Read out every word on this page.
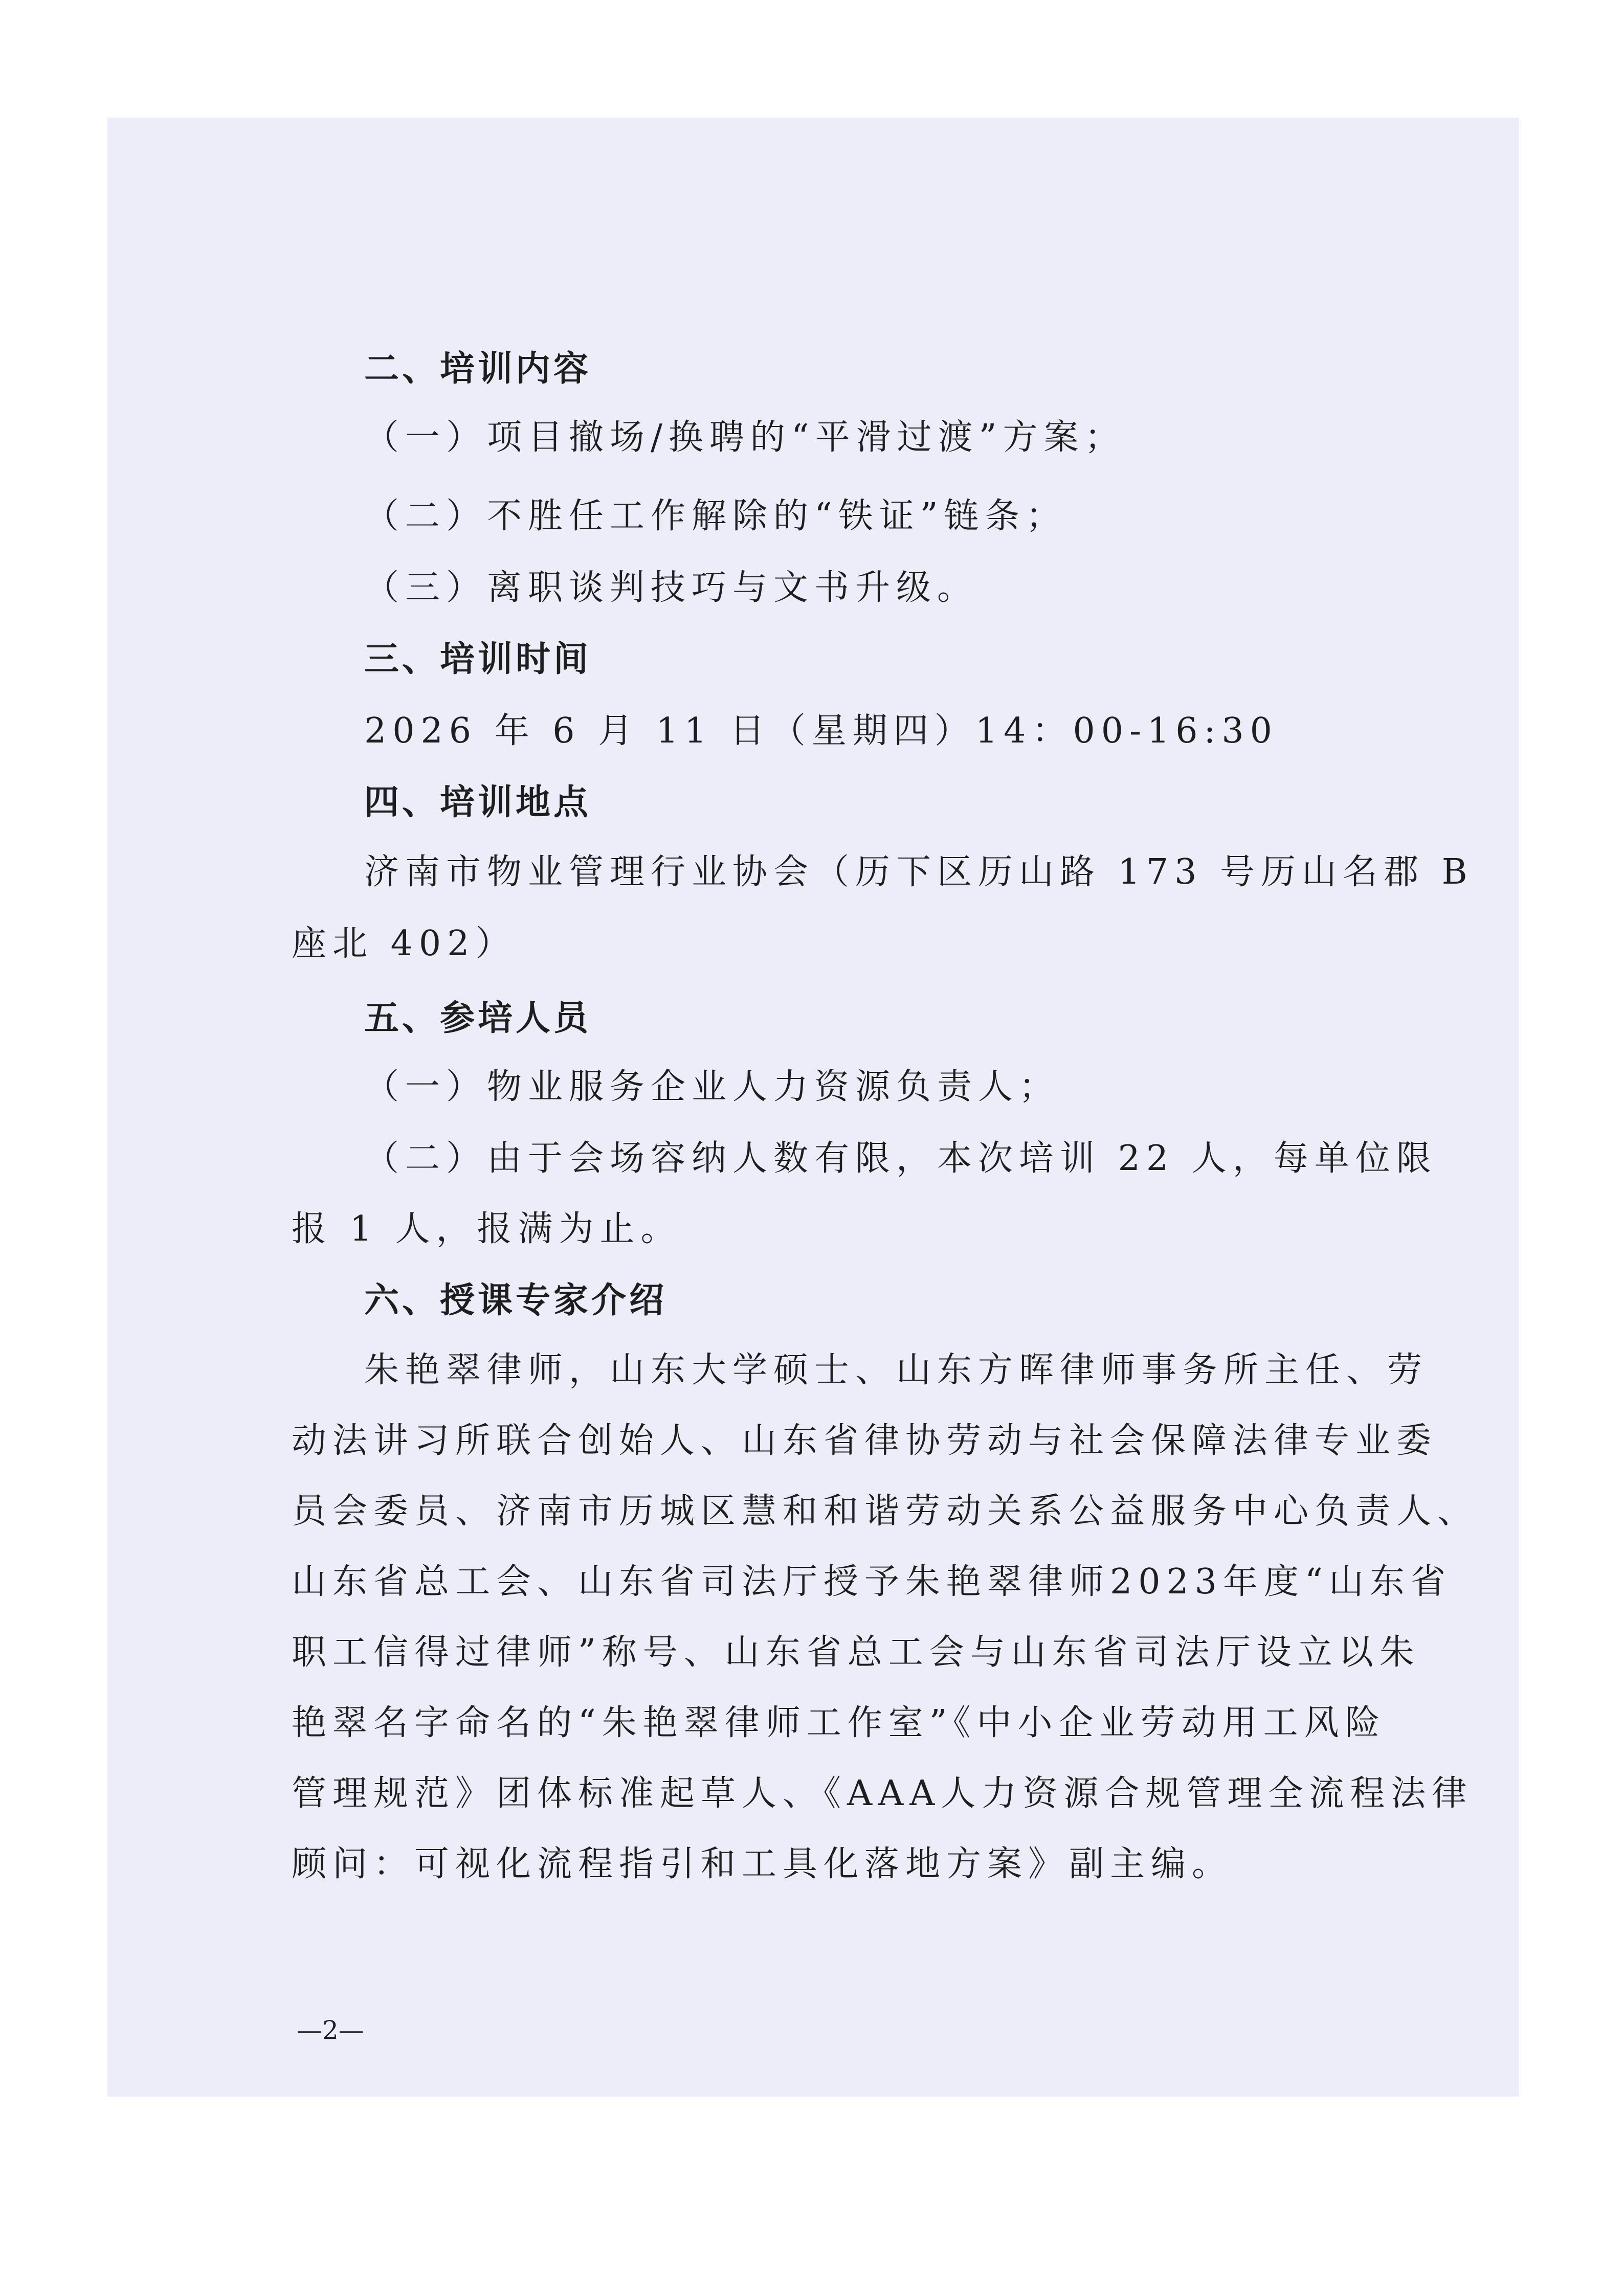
二、培训内容
（一）项目撤场/换聘的“平滑过渡”方案；
（二）不胜任工作解除的“铁证”链条；
（三）离职谈判技巧与文书升级。
三、培训时间
2026 年 6 月 11 日（星期四）14：00-16:30
四、培训地点
济南市物业管理行业协会（历下区历山路 173 号历山名郡 B
座北 402）
五、参培人员
（一）物业服务企业人力资源负责人；
（二）由于会场容纳人数有限，本次培训 22 人，每单位限
报 1 人，报满为止。
六、授课专家介绍
朱艳翠律师，山东大学硕士、山东方晖律师事务所主任、劳
动法讲习所联合创始人、山东省律协劳动与社会保障法律专业委
员会委员、济南市历城区慧和和谐劳动关系公益服务中心负责人、
山东省总工会、山东省司法厅授予朱艳翠律师2023年度“山东省
职工信得过律师”称号、山东省总工会与山东省司法厅设立以朱
艳翠名字命名的“朱艳翠律师工作室”《中小企业劳动用工风险
管理规范》团体标准起草人、《AAA人力资源合规管理全流程法律
顾问：可视化流程指引和工具化落地方案》副主编。
—2—
